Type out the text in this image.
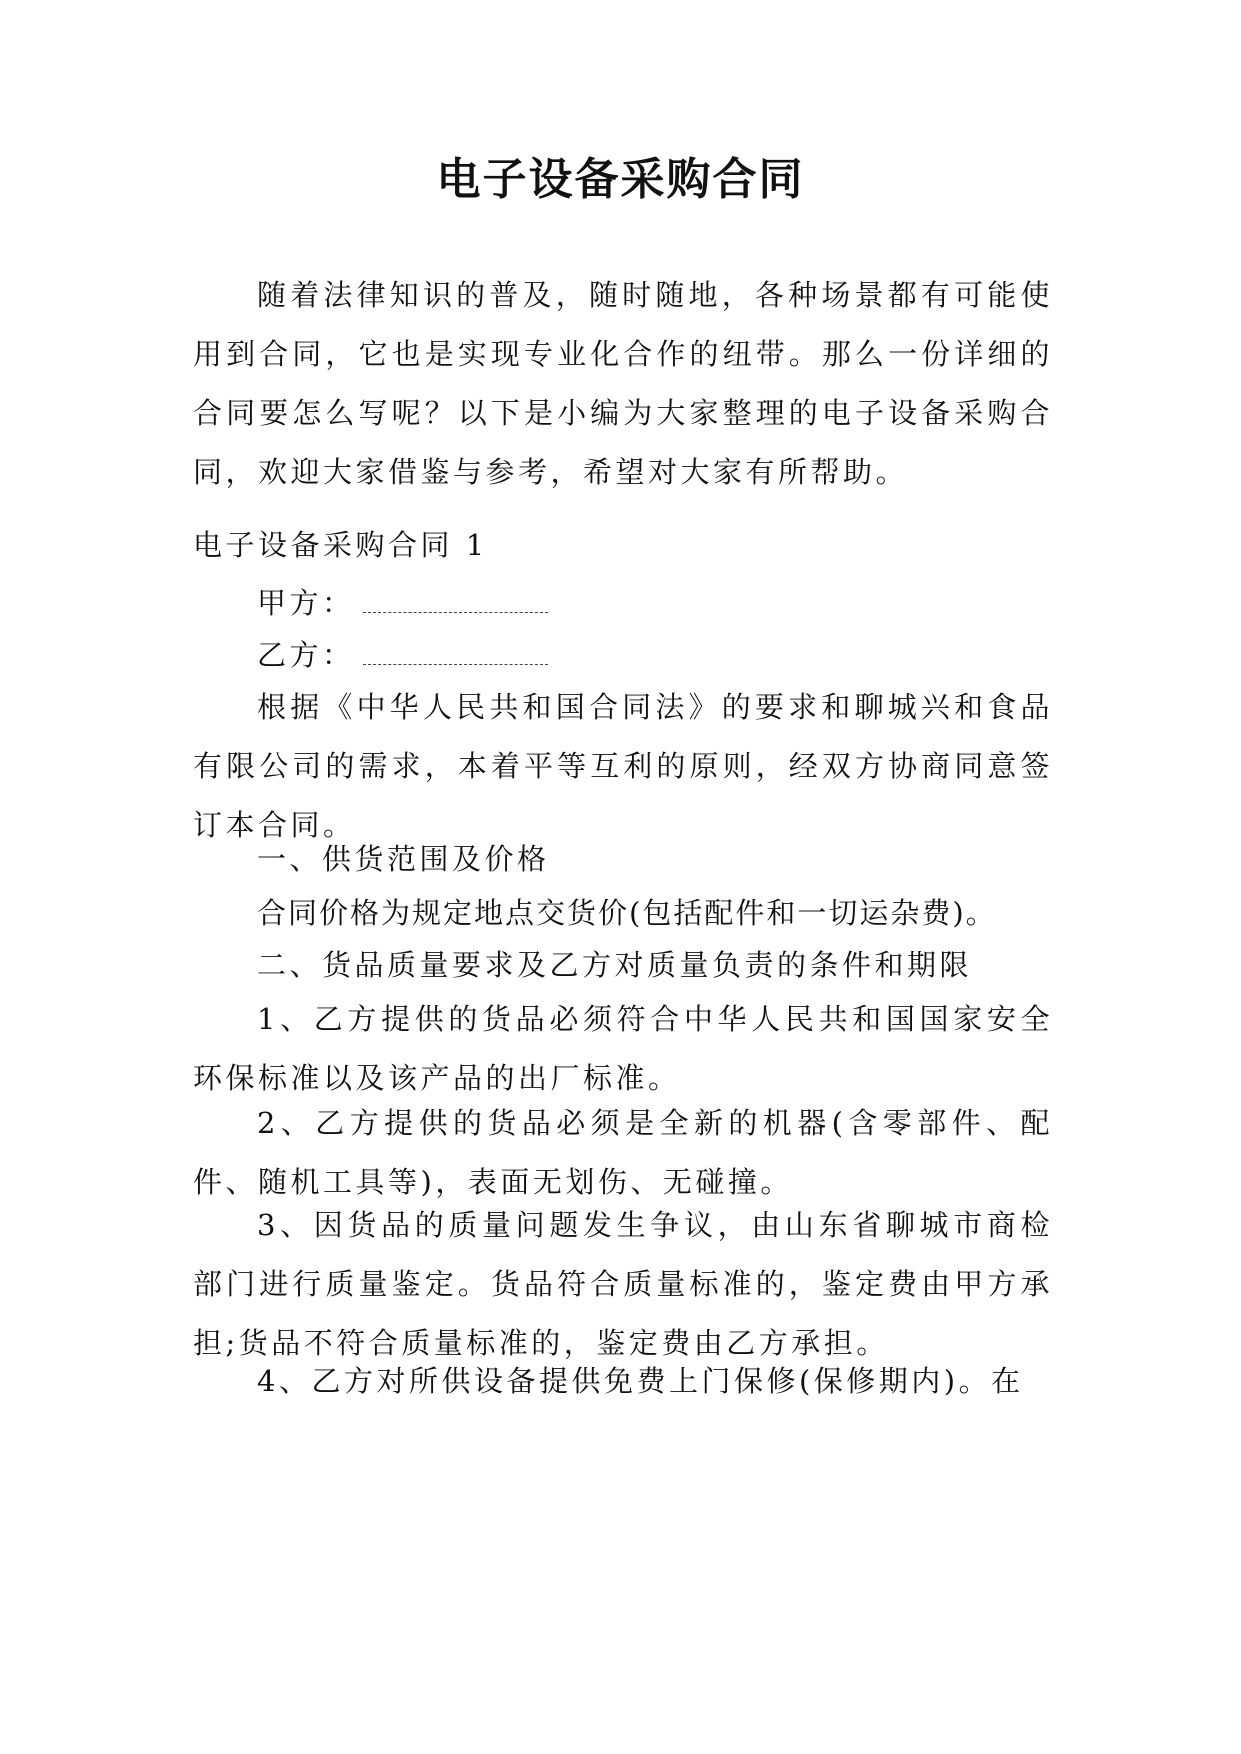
电子设备采购合同
随着法律知识的普及，随时随地，各种场景都有可能使用到合同，它也是实现专业化合作的纽带。那么一份详细的合同要怎么写呢？以下是小编为大家整理的电子设备采购合同，欢迎大家借鉴与参考，希望对大家有所帮助。
电子设备采购合同 1
甲方：
乙方：
根据《中华人民共和国合同法》的要求和聊城兴和食品有限公司的需求，本着平等互利的原则，经双方协商同意签订本合同。
一、供货范围及价格
合同价格为规定地点交货价(包括配件和一切运杂费)。
二、货品质量要求及乙方对质量负责的条件和期限
1、乙方提供的货品必须符合中华人民共和国国家安全环保标准以及该产品的出厂标准。
2、乙方提供的货品必须是全新的机器(含零部件、配件、随机工具等)，表面无划伤、无碰撞。
3、因货品的质量问题发生争议，由山东省聊城市商检部门进行质量鉴定。货品符合质量标准的，鉴定费由甲方承担;货品不符合质量标准的，鉴定费由乙方承担。
4、乙方对所供设备提供免费上门保修(保修期内)。在
